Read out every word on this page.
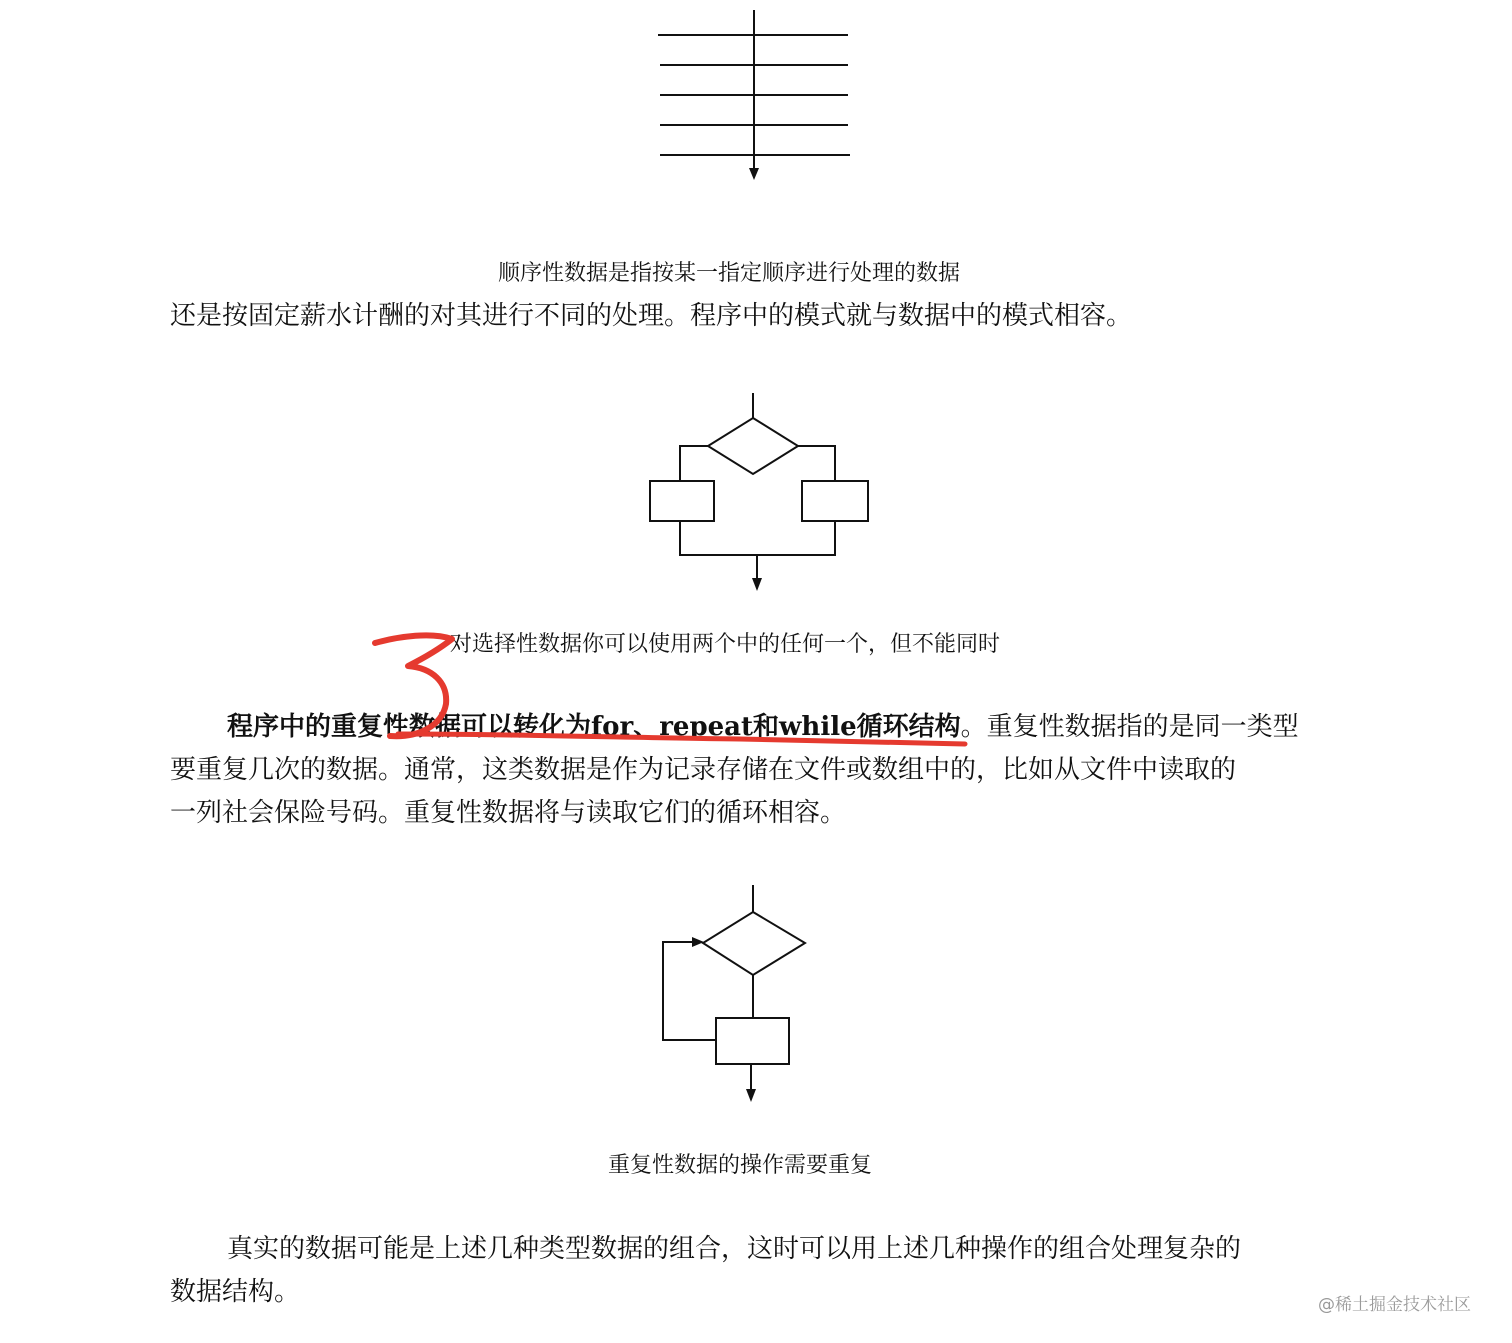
顺序性数据是指按某一指定顺序进行处理的数据
还是按固定薪水计酬的对其进行不同的处理。程序中的模式就与数据中的模式相容。
对选择性数据你可以使用两个中的任何一个，但不能同时
程序中的重复性数据可以转化为for、repeat和while循环结构。重复性数据指的是同一类型
要重复几次的数据。通常，这类数据是作为记录存储在文件或数组中的，比如从文件中读取的
一列社会保险号码。重复性数据将与读取它们的循环相容。
重复性数据的操作需要重复
真实的数据可能是上述几种类型数据的组合，这时可以用上述几种操作的组合处理复杂的
数据结构。	@稀土掘金技术社区
